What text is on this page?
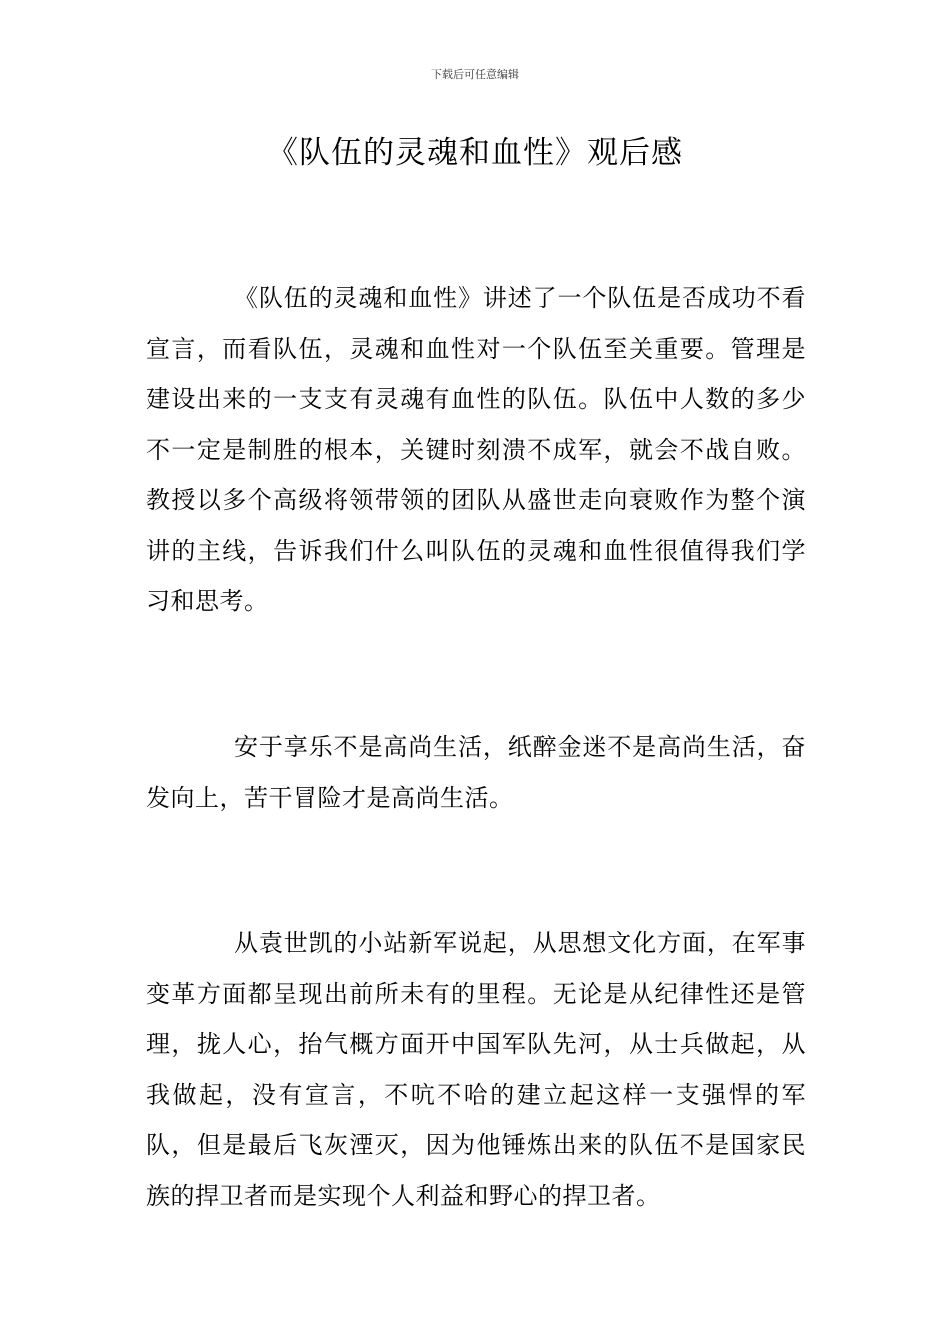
下载后可任意编辑
《队伍的灵魂和血性》观后感

《队伍的灵魂和血性》讲述了一个队伍是否成功不看宣言，而看队伍，灵魂和血性对一个队伍至关重要。管理是建设出来的一支支有灵魂有血性的队伍。队伍中人数的多少不一定是制胜的根本，关键时刻溃不成军，就会不战自败。教授以多个高级将领带领的团队从盛世走向衰败作为整个演讲的主线，告诉我们什么叫队伍的灵魂和血性很值得我们学习和思考。

安于享乐不是高尚生活，纸醉金迷不是高尚生活，奋发向上，苦干冒险才是高尚生活。

从袁世凯的小站新军说起，从思想文化方面，在军事变革方面都呈现出前所未有的里程。无论是从纪律性还是管理，拢人心，抬气概方面开中国军队先河，从士兵做起，从我做起，没有宣言，不吭不哈的建立起这样一支强悍的军队，但是最后飞灰湮灭，因为他锤炼出来的队伍不是国家民族的捍卫者而是实现个人利益和野心的捍卫者。
